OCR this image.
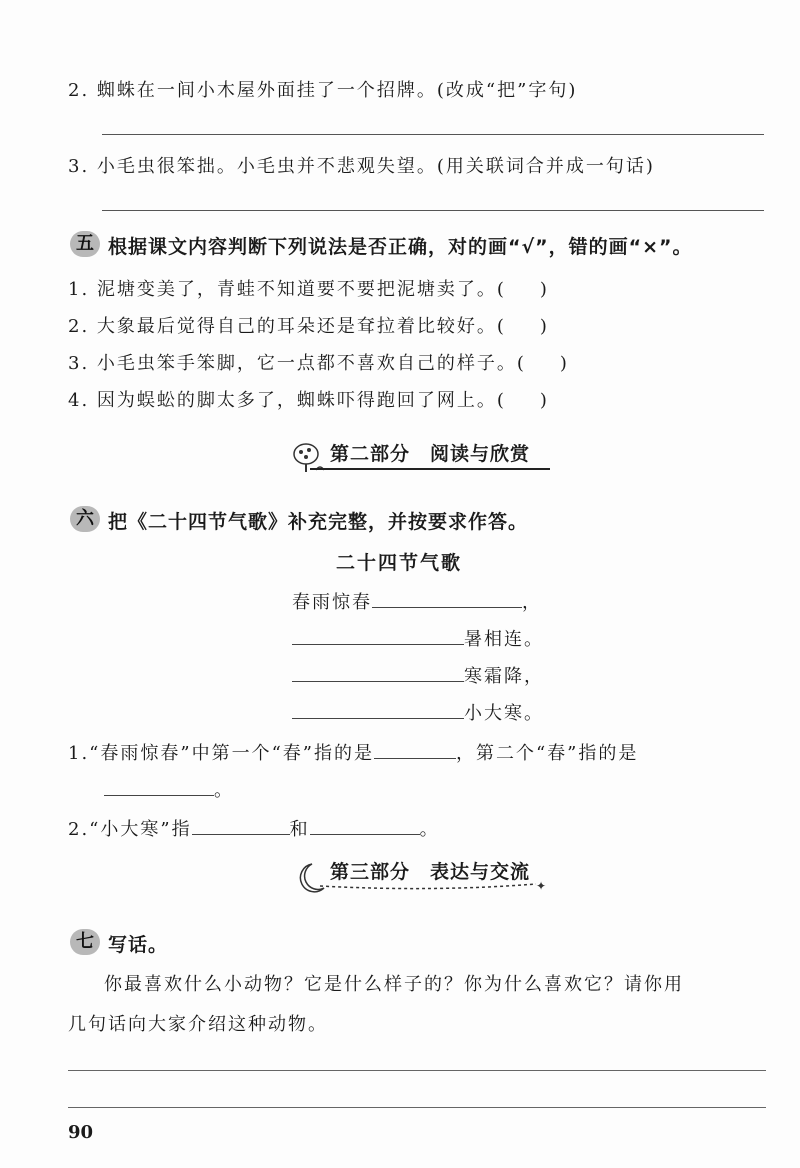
2. 蜘蛛在一间小木屋外面挂了一个招牌。(改成“把”字句)
3. 小毛虫很笨拙。小毛虫并不悲观失望。(用关联词合并成一句话)
五 根据课文内容判断下列说法是否正确，对的画“√”，错的画“×”。
1. 泥塘变美了，青蛙不知道要不要把泥塘卖了。(　　)
2. 大象最后觉得自己的耳朵还是耷拉着比较好。(　　)
3. 小毛虫笨手笨脚，它一点都不喜欢自己的样子。(　　)
4. 因为蜈蚣的脚太多了，蜘蛛吓得跑回了网上。(　　)
第二部分　阅读与欣赏
六 把《二十四节气歌》补充完整，并按要求作答。
二十四节气歌
春雨惊春	，
暑相连。
寒霜降，
小大寒。
1.“春雨惊春”中第一个“春”指的是	，第二个“春”指的是
。
2.“小大寒”指	和	。
第三部分　表达与交流
✦
七 写话。
你最喜欢什么小动物？它是什么样子的？你为什么喜欢它？请你用
几句话向大家介绍这种动物。
90
